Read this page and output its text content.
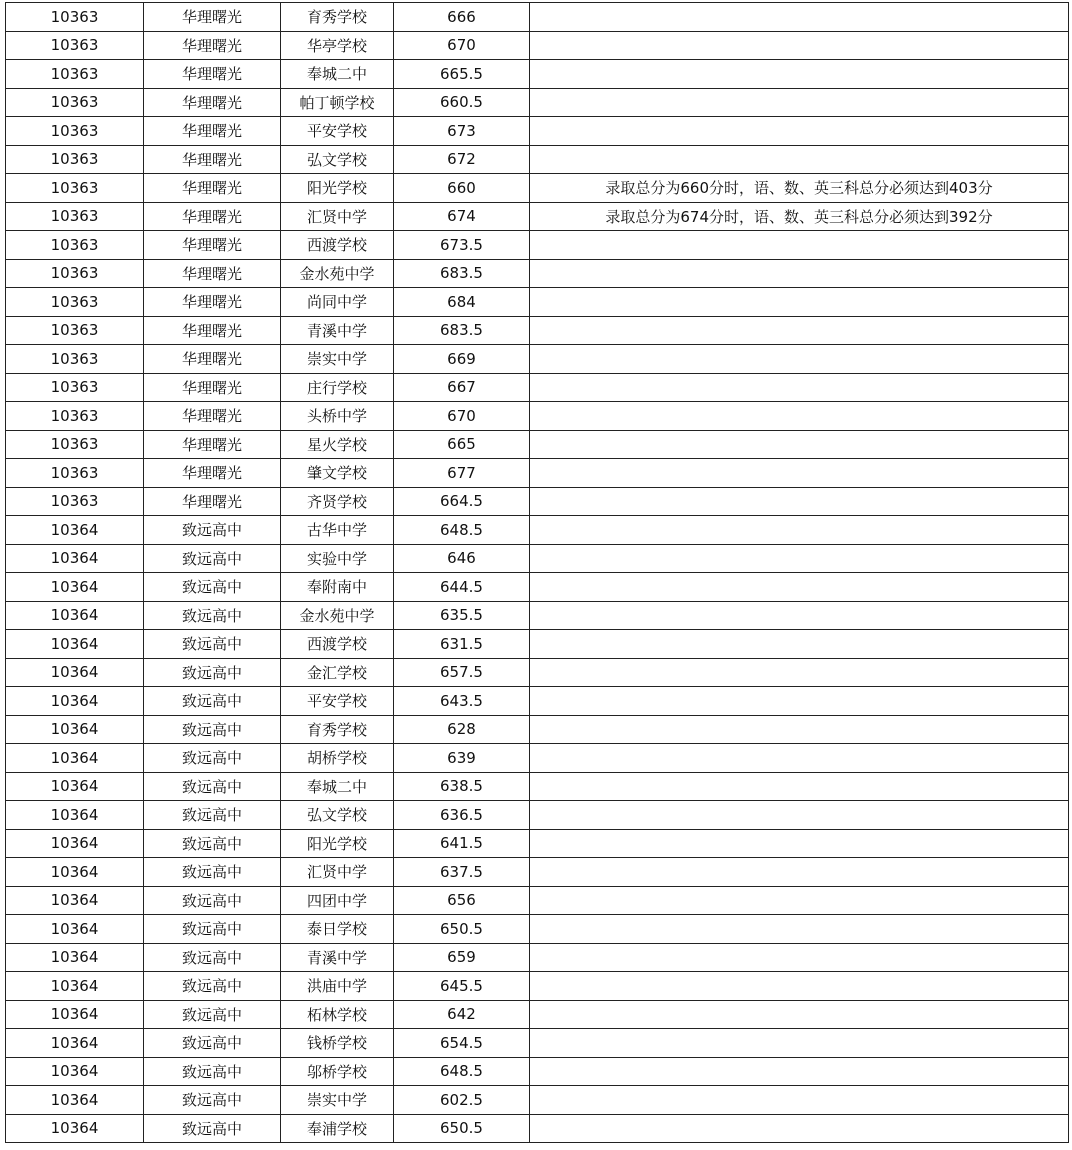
10363	华理曙光	育秀学校	666	
10363	华理曙光	华亭学校	670	
10363	华理曙光	奉城二中	665.5	
10363	华理曙光	帕丁顿学校	660.5	
10363	华理曙光	平安学校	673	
10363	华理曙光	弘文学校	672	
10363	华理曙光	阳光学校	660	录取总分为660分时，语、数、英三科总分必须达到403分
10363	华理曙光	汇贤中学	674	录取总分为674分时，语、数、英三科总分必须达到392分
10363	华理曙光	西渡学校	673.5	
10363	华理曙光	金水苑中学	683.5	
10363	华理曙光	尚同中学	684	
10363	华理曙光	青溪中学	683.5	
10363	华理曙光	崇实中学	669	
10363	华理曙光	庄行学校	667	
10363	华理曙光	头桥中学	670	
10363	华理曙光	星火学校	665	
10363	华理曙光	肇文学校	677	
10363	华理曙光	齐贤学校	664.5	
10364	致远高中	古华中学	648.5	
10364	致远高中	实验中学	646	
10364	致远高中	奉附南中	644.5	
10364	致远高中	金水苑中学	635.5	
10364	致远高中	西渡学校	631.5	
10364	致远高中	金汇学校	657.5	
10364	致远高中	平安学校	643.5	
10364	致远高中	育秀学校	628	
10364	致远高中	胡桥学校	639	
10364	致远高中	奉城二中	638.5	
10364	致远高中	弘文学校	636.5	
10364	致远高中	阳光学校	641.5	
10364	致远高中	汇贤中学	637.5	
10364	致远高中	四团中学	656	
10364	致远高中	泰日学校	650.5	
10364	致远高中	青溪中学	659	
10364	致远高中	洪庙中学	645.5	
10364	致远高中	柘林学校	642	
10364	致远高中	钱桥学校	654.5	
10364	致远高中	邬桥学校	648.5	
10364	致远高中	崇实中学	602.5	
10364	致远高中	奉浦学校	650.5	
